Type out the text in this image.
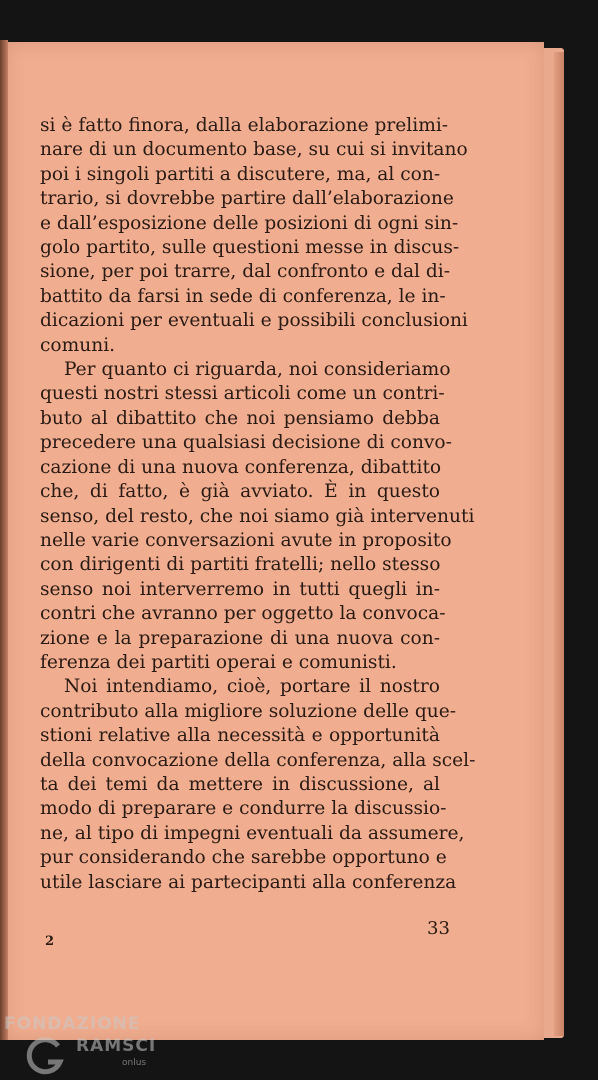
si è fatto finora, dalla elaborazione prelimi-
nare di un documento base, su cui si invitano
poi i singoli partiti a discutere, ma, al con-
trario, si dovrebbe partire dall’elaborazione
e dall’esposizione delle posizioni di ogni sin-
golo partito, sulle questioni messe in discus-
sione, per poi trarre, dal confronto e dal di-
battito da farsi in sede di conferenza, le in-
dicazioni per eventuali e possibili conclusioni
comuni.
Per quanto ci riguarda, noi consideriamo
questi nostri stessi articoli come un contri-
buto al dibattito che noi pensiamo debba
precedere una qualsiasi decisione di convo-
cazione di una nuova conferenza, dibattito
che, di fatto, è già avviato. È in questo
senso, del resto, che noi siamo già intervenuti
nelle varie conversazioni avute in proposito
con dirigenti di partiti fratelli; nello stesso
senso noi interverremo in tutti quegli in-
contri che avranno per oggetto la convoca-
zione e la preparazione di una nuova con-
ferenza dei partiti operai e comunisti.
Noi intendiamo, cioè, portare il nostro
contributo alla migliore soluzione delle que-
stioni relative alla necessità e opportunità
della convocazione della conferenza, alla scel-
ta dei temi da mettere in discussione, al
modo di preparare e condurre la discussio-
ne, al tipo di impegni eventuali da assumere,
pur considerando che sarebbe opportuno e
utile lasciare ai partecipanti alla conferenza
33
2
FONDAZIONE
RAMSCI
onlus
